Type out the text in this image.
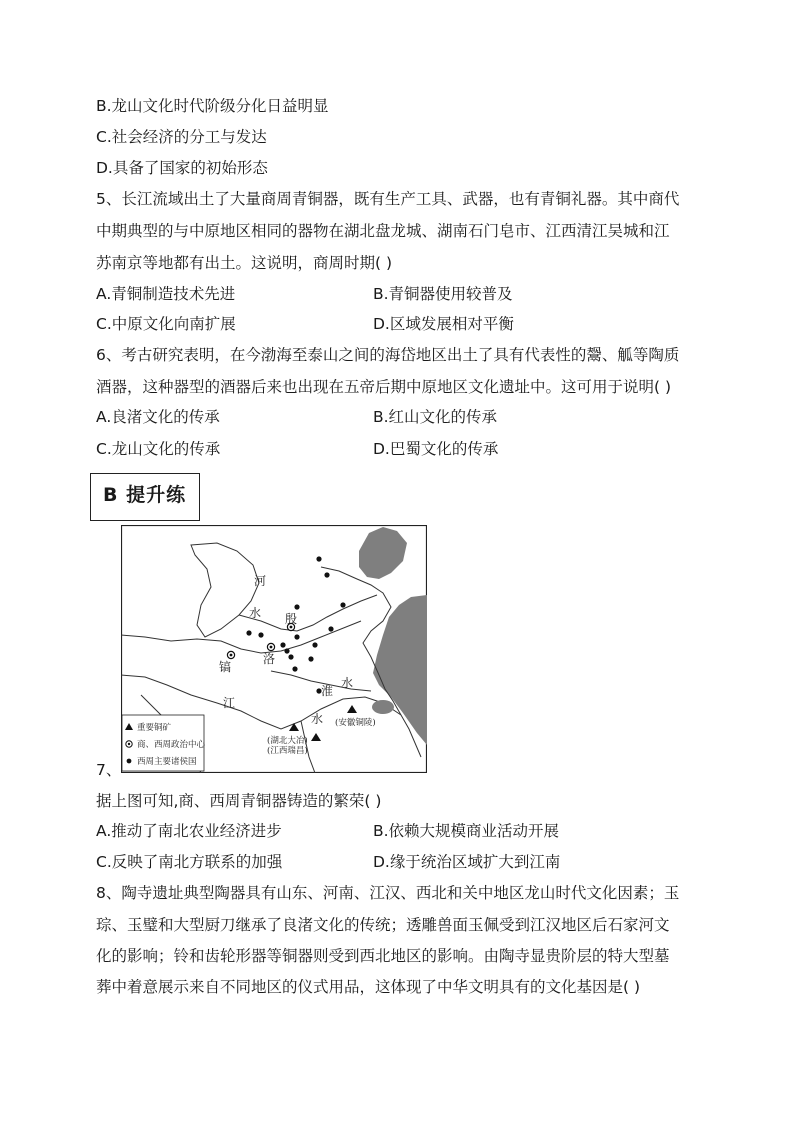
B.龙山文化时代阶级分化日益明显
C.社会经济的分工与发达
D.具备了国家的初始形态
5、长江流域出土了大量商周青铜器，既有生产工具、武器，也有青铜礼器。其中商代
中期典型的与中原地区相同的器物在湖北盘龙城、湖南石门皂市、江西清江吴城和江
苏南京等地都有出土。这说明，商周时期( )
A.青铜制造技术先进	B.青铜器使用较普及
C.中原文化向南扩展	D.区域发展相对平衡
6、考古研究表明，在今渤海至泰山之间的海岱地区出土了具有代表性的鬶、觚等陶质
酒器，这种器型的酒器后来也出现在五帝后期中原地区文化遗址中。这可用于说明( )
A.良渚文化的传承	B.红山文化的传承
C.龙山文化的传承	D.巴蜀文化的传承
B 提升练
河
水 殷
洛
镐
淮
水
江
水 (安徽铜陵)
(湖北大冶)
(江西瑞昌)
重要铜矿
商、西周政治中心
西周主要诸侯国
7、
据上图可知,商、西周青铜器铸造的繁荣( )
A.推动了南北农业经济进步	B.依赖大规模商业活动开展
C.反映了南北方联系的加强	D.缘于统治区域扩大到江南
8、陶寺遗址典型陶器具有山东、河南、江汉、西北和关中地区龙山时代文化因素；玉
琮、玉璧和大型厨刀继承了良渚文化的传统；透雕兽面玉佩受到江汉地区后石家河文
化的影响；铃和齿轮形器等铜器则受到西北地区的影响。由陶寺显贵阶层的特大型墓
葬中着意展示来自不同地区的仪式用品，这体现了中华文明具有的文化基因是( )
